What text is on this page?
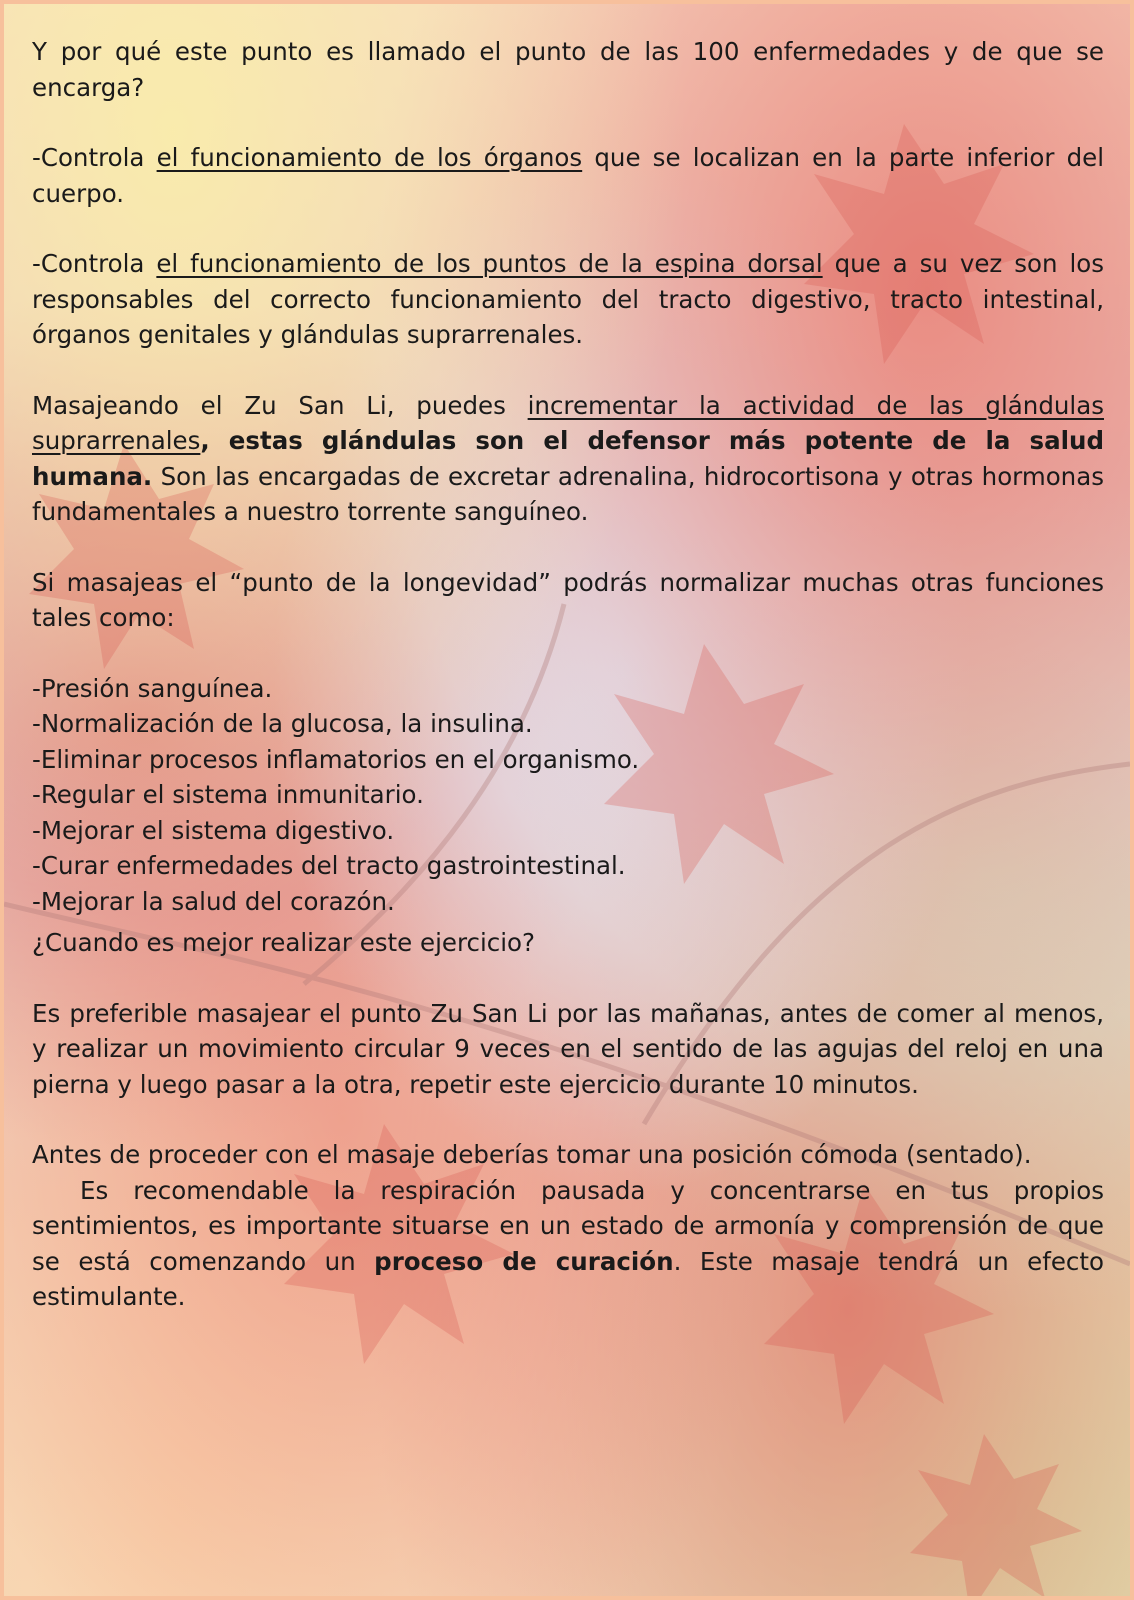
Y por qué este punto es llamado el punto de las 100 enfermedades y de que se encarga?

-Controla el funcionamiento de los órganos que se localizan en la parte inferior del cuerpo.

-Controla el funcionamiento de los puntos de la espina dorsal que a su vez son los responsables del correcto funcionamiento del tracto digestivo, tracto intestinal, órganos genitales y glándulas suprarrenales.

Masajeando el Zu San Li, puedes incrementar la actividad de las glándulas suprarrenales, estas glándulas son el defensor más potente de la salud humana. Son las encargadas de excretar adrenalina, hidrocortisona y otras hormonas fundamentales a nuestro torrente sanguíneo.

Si masajeas el “punto de la longevidad” podrás normalizar muchas otras funciones tales como:

-Presión sanguínea.
-Normalización de la glucosa, la insulina.
-Eliminar procesos inflamatorios en el organismo.
-Regular el sistema inmunitario.
-Mejorar el sistema digestivo.
-Curar enfermedades del tracto gastrointestinal.
-Mejorar la salud del corazón.

¿Cuando es mejor realizar este ejercicio?

Es preferible masajear el punto Zu San Li por las mañanas, antes de comer al menos, y realizar un movimiento circular 9 veces en el sentido de las agujas del reloj en una pierna y luego pasar a la otra, repetir este ejercicio durante 10 minutos.

Antes de proceder con el masaje deberías tomar una posición cómoda (sentado).

Es recomendable la respiración pausada y concentrarse en tus propios sentimientos, es importante situarse en un estado de armonía y comprensión de que se está comenzando un proceso de curación. Este masaje tendrá un efecto estimulante.
